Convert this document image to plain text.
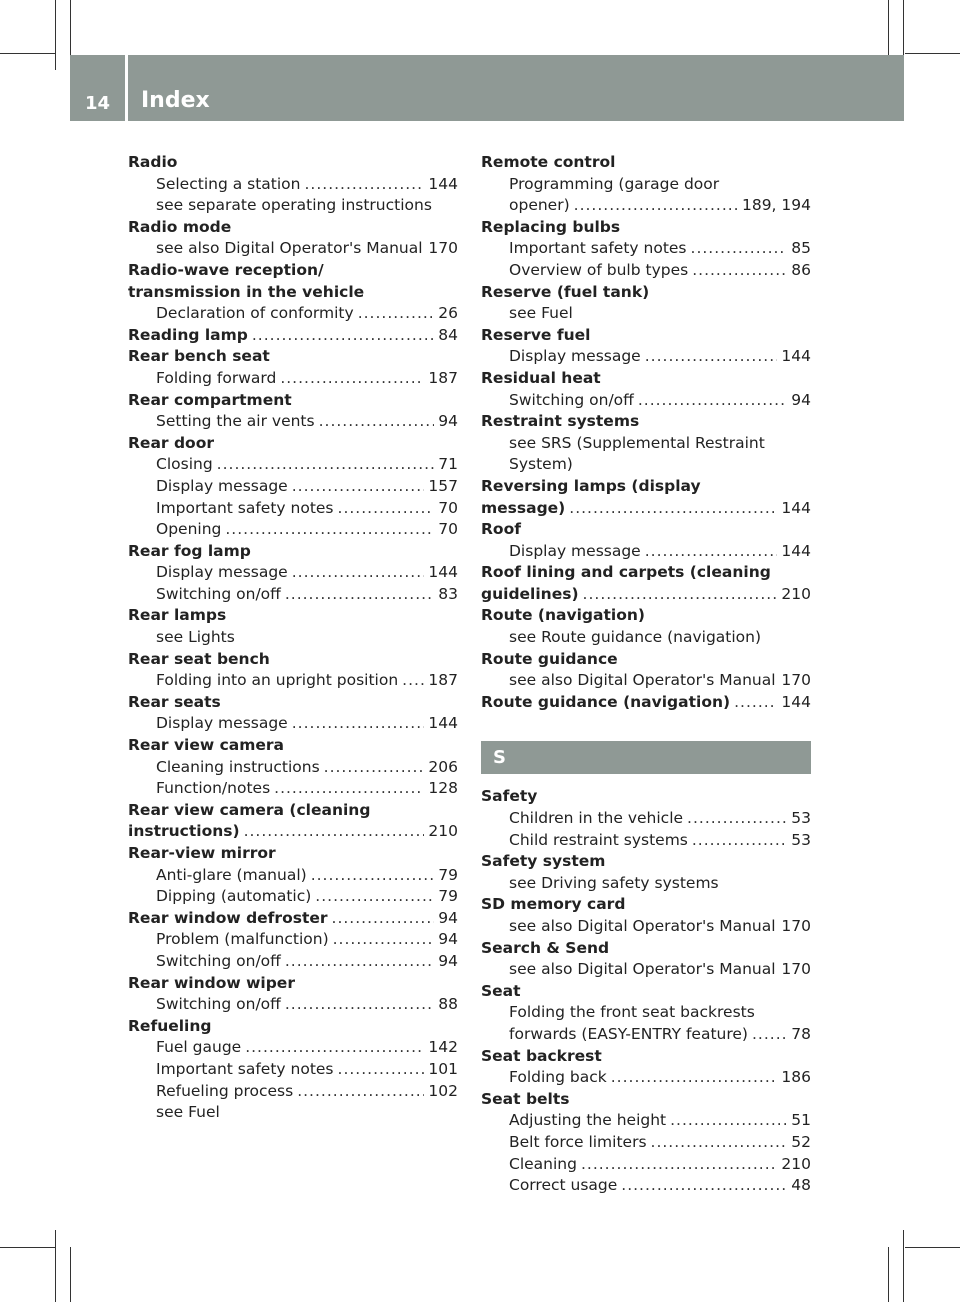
14 Index
Radio
Selecting a station .....	144
see separate operating instructions
Radio mode
see also Digital Operator's Manual 170
Radio-wave reception/
transmission in the vehicle
Declaration of conformity .....	26
Reading lamp .....	84
Rear bench seat
Folding forward .....	187
Rear compartment
Setting the air vents .....	94
Rear door
Closing .....	71
Display message .....	157
Important safety notes .....	70
Opening .....	70
Rear fog lamp
Display message .....	144
Switching on/off .....	83
Rear lamps
see Lights
Rear seat bench
Folding into an upright position ..... 187
Rear seats
Display message .....	144
Rear view camera
Cleaning instructions .....	206
Function/notes .....	128
Rear view camera (cleaning
instructions) .....	210
Rear-view mirror
Anti-glare (manual) .....	79
Dipping (automatic) .....	79
Rear window defroster .....	94
Problem (malfunction) .....	94
Switching on/off .....	94
Rear window wiper
Switching on/off .....	88
Refueling
Fuel gauge .....	142
Important safety notes .....	101
Refueling process .....	102
see Fuel
Remote control
Programming (garage door
opener) .....	189, 194
Replacing bulbs
Important safety notes .....	85
Overview of bulb types .....	86
Reserve (fuel tank)
see Fuel
Reserve fuel
Display message .....	144
Residual heat
Switching on/off .....	94
Restraint systems
see SRS (Supplemental Restraint
System)
Reversing lamps (display
message) .....	144
Roof
Display message .....	144
Roof lining and carpets (cleaning
guidelines) .....	210
Route (navigation)
see Route guidance (navigation)
Route guidance
see also Digital Operator's Manual 170
Route guidance (navigation) .....	144
S
Safety
Children in the vehicle .....	53
Child restraint systems .....	53
Safety system
see Driving safety systems
SD memory card
see also Digital Operator's Manual 170
Search & Send
see also Digital Operator's Manual 170
Seat
Folding the front seat backrests
forwards (EASY-ENTRY feature) .....	78
Seat backrest
Folding back .....	186
Seat belts
Adjusting the height .....	51
Belt force limiters .....	52
Cleaning .....	210
Correct usage .....	48
